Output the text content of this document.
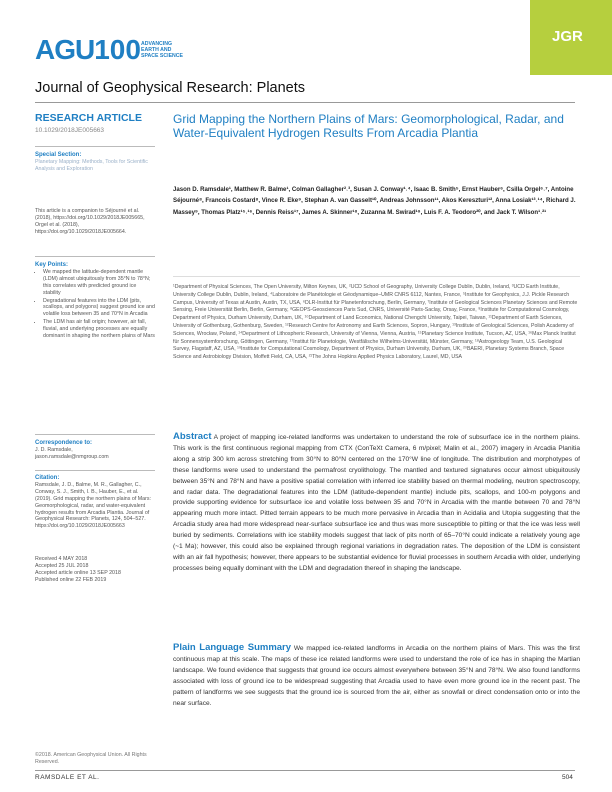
AGU100 ADVANCING EARTH AND SPACE SCIENCE
JGR
Journal of Geophysical Research: Planets
RESEARCH ARTICLE
10.1029/2018JE005663
Special Section:
Planetary Mapping: Methods, Tools for Scientific Analysis and Exploration
This article is a companion to Séjourné et al. (2018), https://doi.org/10.1029/2018JE005665, Orgel et al. (2018), https://doi.org/10.1029/2018JE005664.
Key Points:
• We mapped the latitude-dependent mantle (LDM) almost ubiquitously from 35°N to 78°N; this correlates with predicted ground ice stability
• Degradational features into the LDM (pits, scallops, and polygons) suggest ground ice and volatile loss between 35 and 70°N in Arcadia
• The LDM has air fall origin; however, air fall, fluvial, and underlying processes are equally dominant in shaping the northern plains of Mars
Correspondence to:
J. D. Ramsdale,
jason.ramsdale@nmgroup.com
Citation:
Ramsdale, J. D., Balme, M. R., Gallagher, C., Conway, S. J., Smith, I. B., Hauber, E., et al. (2019). Grid mapping the northern plains of Mars: Geomorphological, radar, and water-equivalent hydrogen results from Arcadia Plantia. Journal of Geophysical Research: Planets, 124, 504–527. https://doi.org/10.1029/2018JE005663
Received 4 MAY 2018
Accepted 25 JUL 2018
Accepted article online 13 SEP 2018
Published online 22 FEB 2019
©2018. American Geophysical Union. All Rights Reserved.
Grid Mapping the Northern Plains of Mars: Geomorphological, Radar, and Water-Equivalent Hydrogen Results From Arcadia Plantia
Jason D. Ramsdale¹, Matthew R. Balme¹, Colman Gallagher²˒³, Susan J. Conway¹˒⁴, Isaac B. Smith⁵, Ernst Hauber⁶, Csilla Orgel⁶˒⁷, Antoine Séjourné⁸, Francois Costard⁸, Vince R. Eke⁹, Stephan A. van Gasselt¹⁰, Andreas Johnsson¹¹, Akos Kereszturi¹², Anna Losiak¹³˒¹⁴, Richard J. Massey⁹, Thomas Platz¹⁵˒¹⁶, Dennis Reiss¹⁷, James A. Skinner¹⁸, Zuzanna M. Swirad¹⁹, Luis F. A. Teodoro²⁰, and Jack T. Wilson¹˒²¹
¹Department of Physical Sciences, The Open University, Milton Keynes, UK, ²UCD School of Geography, University College Dublin, Dublin, Ireland, ³UCD Earth Institute, University College Dublin, Dublin, Ireland, ⁴Laboratoire de Planétologie et Géodynamique–UMR CNRS 6112, Nantes, France, ⁵Institute for Geophysics, J.J. Pickle Research Campus, University of Texas at Austin, Austin, TX, USA, ⁶DLR-Institut für Planetenforschung, Berlin, Germany, ⁷Institute of Geological Sciences Planetary Sciences and Remote Sensing, Freie Universität Berlin, Berlin, Germany, ⁸GEOPS-Geosciences Paris Sud, CNRS, Université Paris-Saclay, Orsay, France, ⁹Institute for Computational Cosmology, Department of Physics, Durham University, Durham, UK, ¹⁰Department of Land Economics, National Chengchi University, Taipei, Taiwan, ¹¹Department of Earth Sciences, University of Gothenburg, Gothenburg, Sweden, ¹²Research Centre for Astronomy and Earth Sciences, Sopron, Hungary, ¹³Institute of Geological Sciences, Polish Academy of Sciences, Wrocław, Poland, ¹⁴Department of Lithospheric Research, University of Vienna, Vienna, Austria, ¹⁵Planetary Science Institute, Tucson, AZ, USA, ¹⁶Max Planck Institut für Sonnensystemforschung, Göttingen, Germany, ¹⁷Institut für Planetologie, Westfälische Wilhelms-Universität, Münster, Germany, ¹⁸Astrogeology Team, U.S. Geological Survey, Flagstaff, AZ, USA, ¹⁹Institute for Computational Cosmology, Department of Physics, Durham University, Durham, UK, ²⁰BAERI, Planetary Systems Branch, Space Science and Astrobiology Division, Moffett Field, CA, USA, ²¹The Johns Hopkins Applied Physics Laboratory, Laurel, MD, USA
Abstract A project of mapping ice-related landforms was undertaken to understand the role of subsurface ice in the northern plains. This work is the first continuous regional mapping from CTX (ConTeXt Camera, 6 m/pixel; Malin et al., 2007) imagery in Arcadia Planitia along a strip 300 km across stretching from 30°N to 80°N centered on the 170°W line of longitude. The distribution and morphotypes of these landforms were used to understand the permafrost cryolithology. The mantled and textured signatures occur almost ubiquitously between 35°N and 78°N and have a positive spatial correlation with inferred ice stability based on thermal modeling, neutron spectroscopy, and radar data. The degradational features into the LDM (latitude-dependent mantle) include pits, scallops, and 100-m polygons and provide supporting evidence for subsurface ice and volatile loss between 35 and 70°N in Arcadia with the mantle between 70 and 78°N appearing much more intact. Pitted terrain appears to be much more pervasive in Arcadia than in Acidalia and Utopia suggesting that the Arcadia study area had more widespread near-surface subsurface ice and thus was more susceptible to pitting or that the ice was less well buried by sediments. Correlations with ice stability models suggest that lack of pits north of 65–70°N could indicate a relatively young age (~1 Ma); however, this could also be explained through regional variations in degradation rates. The deposition of the LDM is consistent with an air fall hypothesis; however, there appears to be substantial evidence for fluvial processes in southern Arcadia with older, underlying processes being equally dominant with the LDM and degradation thereof in shaping the landscape.
Plain Language Summary We mapped ice-related landforms in Arcadia on the northern plains of Mars. This was the first continuous map at this scale. The maps of these ice related landforms were used to understand the role of ice has in shaping the Martian landscape. We found evidence that suggests that ground ice occurs almost everywhere between 35°N and 78°N. We also found landforms associated with loss of ground ice to be widespread suggesting that Arcadia used to have even more ground ice in the recent past. The pattern of landforms we see suggests that the ground ice is sourced from the air, either as snowfall or direct condensation onto or into the near surface.
RAMSDALE ET AL.	504
